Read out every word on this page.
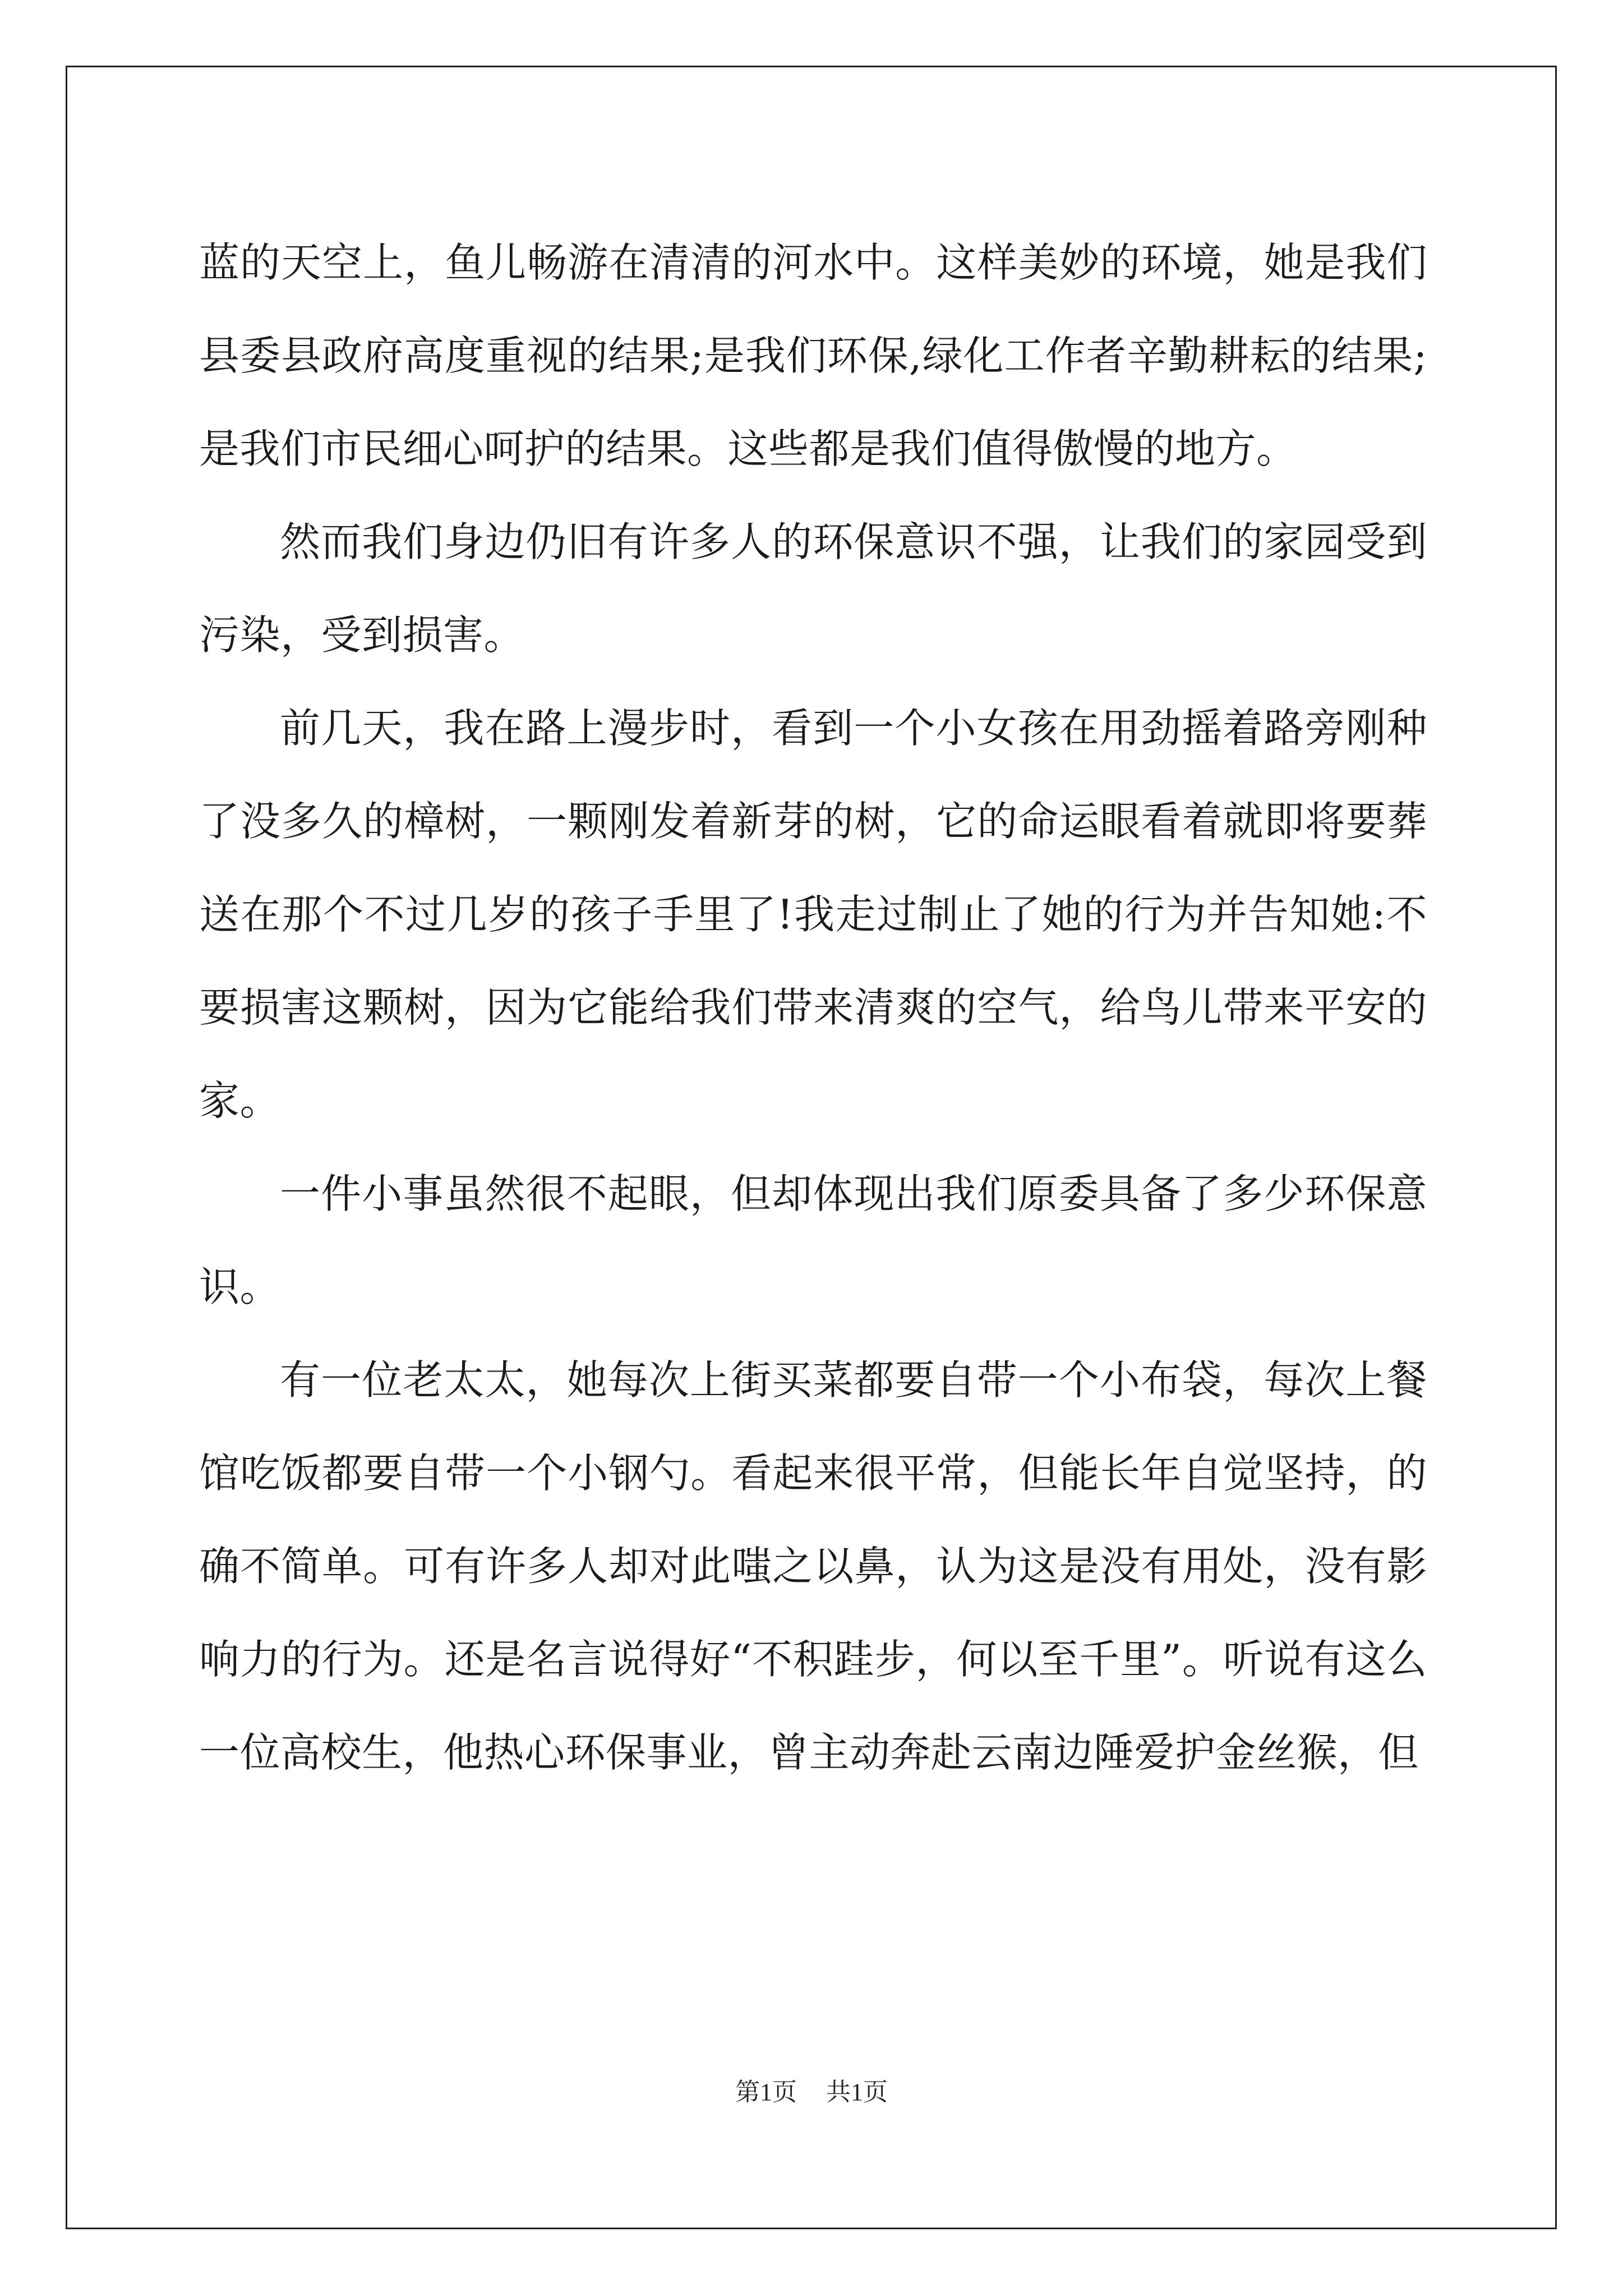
蓝的天空上，鱼儿畅游在清清的河水中。这样美妙的环境，她是我们县委县政府高度重视的结果;是我们环保,绿化工作者辛勤耕耘的结果;是我们市民细心呵护的结果。这些都是我们值得傲慢的地方。

然而我们身边仍旧有许多人的环保意识不强，让我们的家园受到污染，受到损害。

前几天，我在路上漫步时，看到一个小女孩在用劲摇着路旁刚种了没多久的樟树，一颗刚发着新芽的树，它的命运眼看着就即将要葬送在那个不过几岁的孩子手里了!我走过制止了她的行为并告知她:不要损害这颗树，因为它能给我们带来清爽的空气，给鸟儿带来平安的家。

一件小事虽然很不起眼，但却体现出我们原委具备了多少环保意识。

有一位老太太，她每次上街买菜都要自带一个小布袋，每次上餐馆吃饭都要自带一个小钢勺。看起来很平常，但能长年自觉坚持，的确不简单。可有许多人却对此嗤之以鼻，认为这是没有用处，没有影响力的行为。还是名言说得好“不积跬步，何以至千里”。听说有这么一位高校生，他热心环保事业，曾主动奔赴云南边陲爱护金丝猴，但

第1页 共1页
